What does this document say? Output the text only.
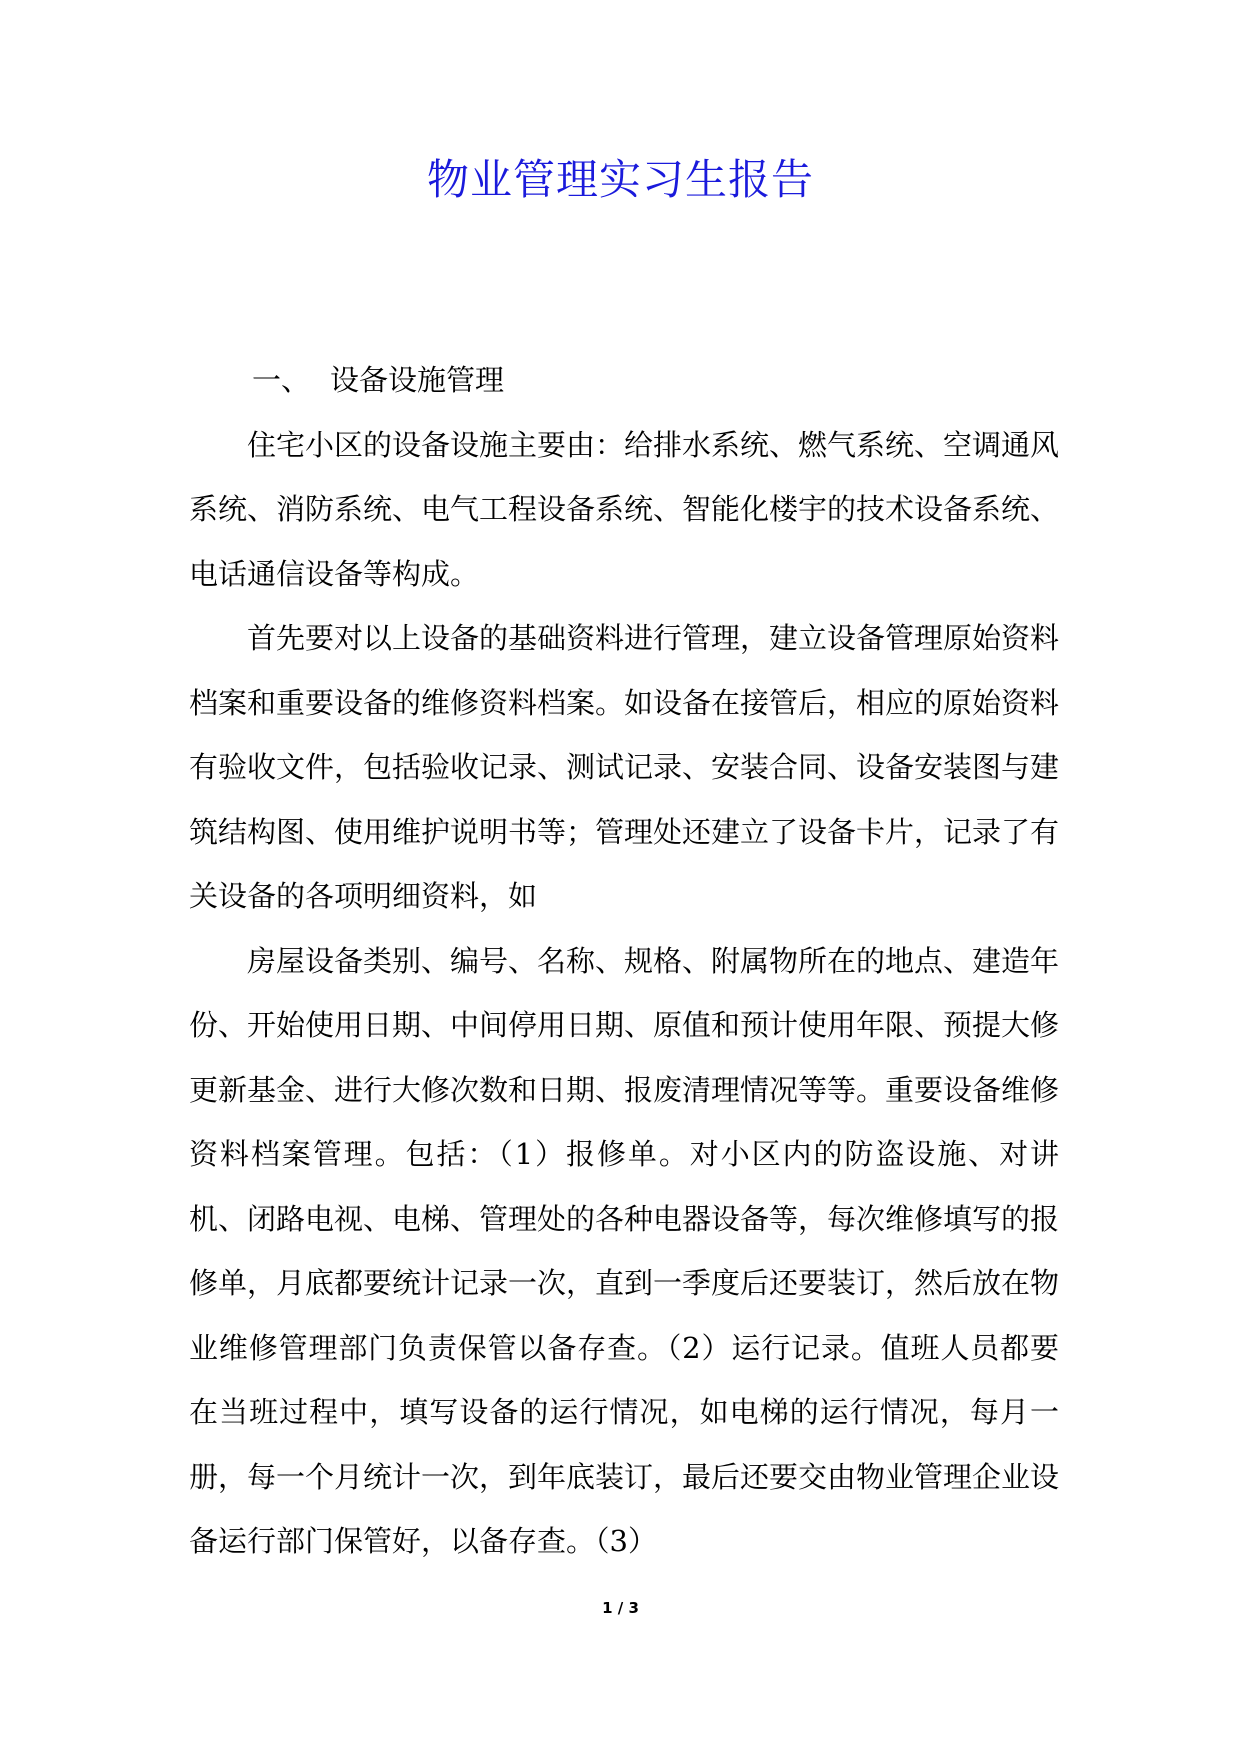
物业管理实习生报告

一、 设备设施管理

住宅小区的设备设施主要由：给排水系统、燃气系统、空调通风系统、消防系统、电气工程设备系统、智能化楼宇的技术设备系统、电话通信设备等构成。

首先要对以上设备的基础资料进行管理，建立设备管理原始资料档案和重要设备的维修资料档案。如设备在接管后，相应的原始资料有验收文件，包括验收记录、测试记录、安装合同、设备安装图与建筑结构图、使用维护说明书等；管理处还建立了设备卡片，记录了有关设备的各项明细资料，如

房屋设备类别、编号、名称、规格、附属物所在的地点、建造年份、开始使用日期、中间停用日期、原值和预计使用年限、预提大修更新基金、进行大修次数和日期、报废清理情况等等。重要设备维修资料档案管理。包括：（1）报修单。对小区内的防盗设施、对讲机、闭路电视、电梯、管理处的各种电器设备等，每次维修填写的报修单，月底都要统计记录一次，直到一季度后还要装订，然后放在物业维修管理部门负责保管以备存查。（2）运行记录。值班人员都要在当班过程中，填写设备的运行情况，如电梯的运行情况，每月一册，每一个月统计一次，到年底装订，最后还要交由物业管理企业设备运行部门保管好，以备存查。（3）

1 / 3
